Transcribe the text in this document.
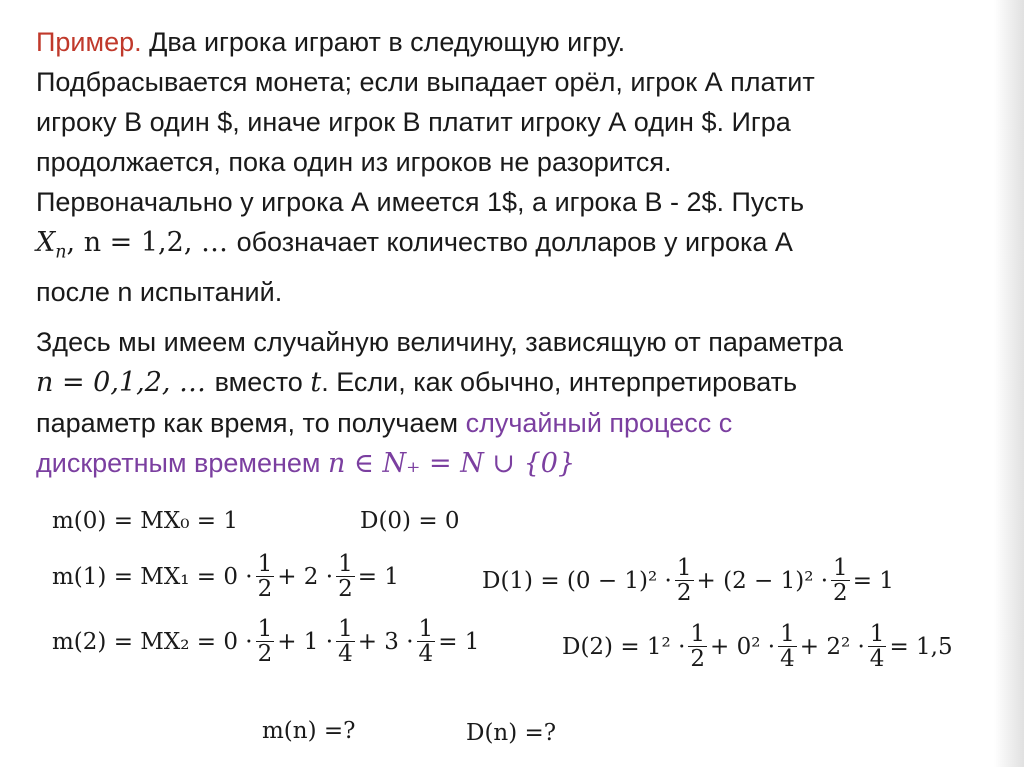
Пример. Два игрока играют в следующую игру.
Подбрасывается монета; если выпадает орёл, игрок А платит
игроку В один $, иначе игрок В платит игроку А один $. Игра
продолжается, пока один из игроков не разорится.
Первоначально у игрока А имеется 1$, а игрока В - 2$. Пусть
$X_n$, n = 1,2, … обозначает количество долларов у игрока А
после n испытаний.

Здесь мы имеем случайную величину, зависящую от параметра
n = 0,1,2, … вместо t. Если, как обычно, интерпретировать
параметр как время, то получаем случайный процесс с
дискретным временем n ∈ N₊ = N ∪ {0}

m(0) = MX₀ = 1	D(0) = 0
$m(1) = MX_1 = 0 \cdot \frac{1}{2} + 2 \cdot \frac{1}{2} = 1$	$D(1) = (0 - 1)^2 \cdot \frac{1}{2} + (2 - 1)^2 \cdot \frac{1}{2} = 1$
$m(2) = MX_2 = 0 \cdot \frac{1}{2} + 1 \cdot \frac{1}{4} + 3 \cdot \frac{1}{4} = 1$	$D(2) = 1^2 \cdot \frac{1}{2} + 0^2 \cdot \frac{1}{4} + 2^2 \cdot \frac{1}{4} = 1,5$
m(n) =?	D(n) =?
